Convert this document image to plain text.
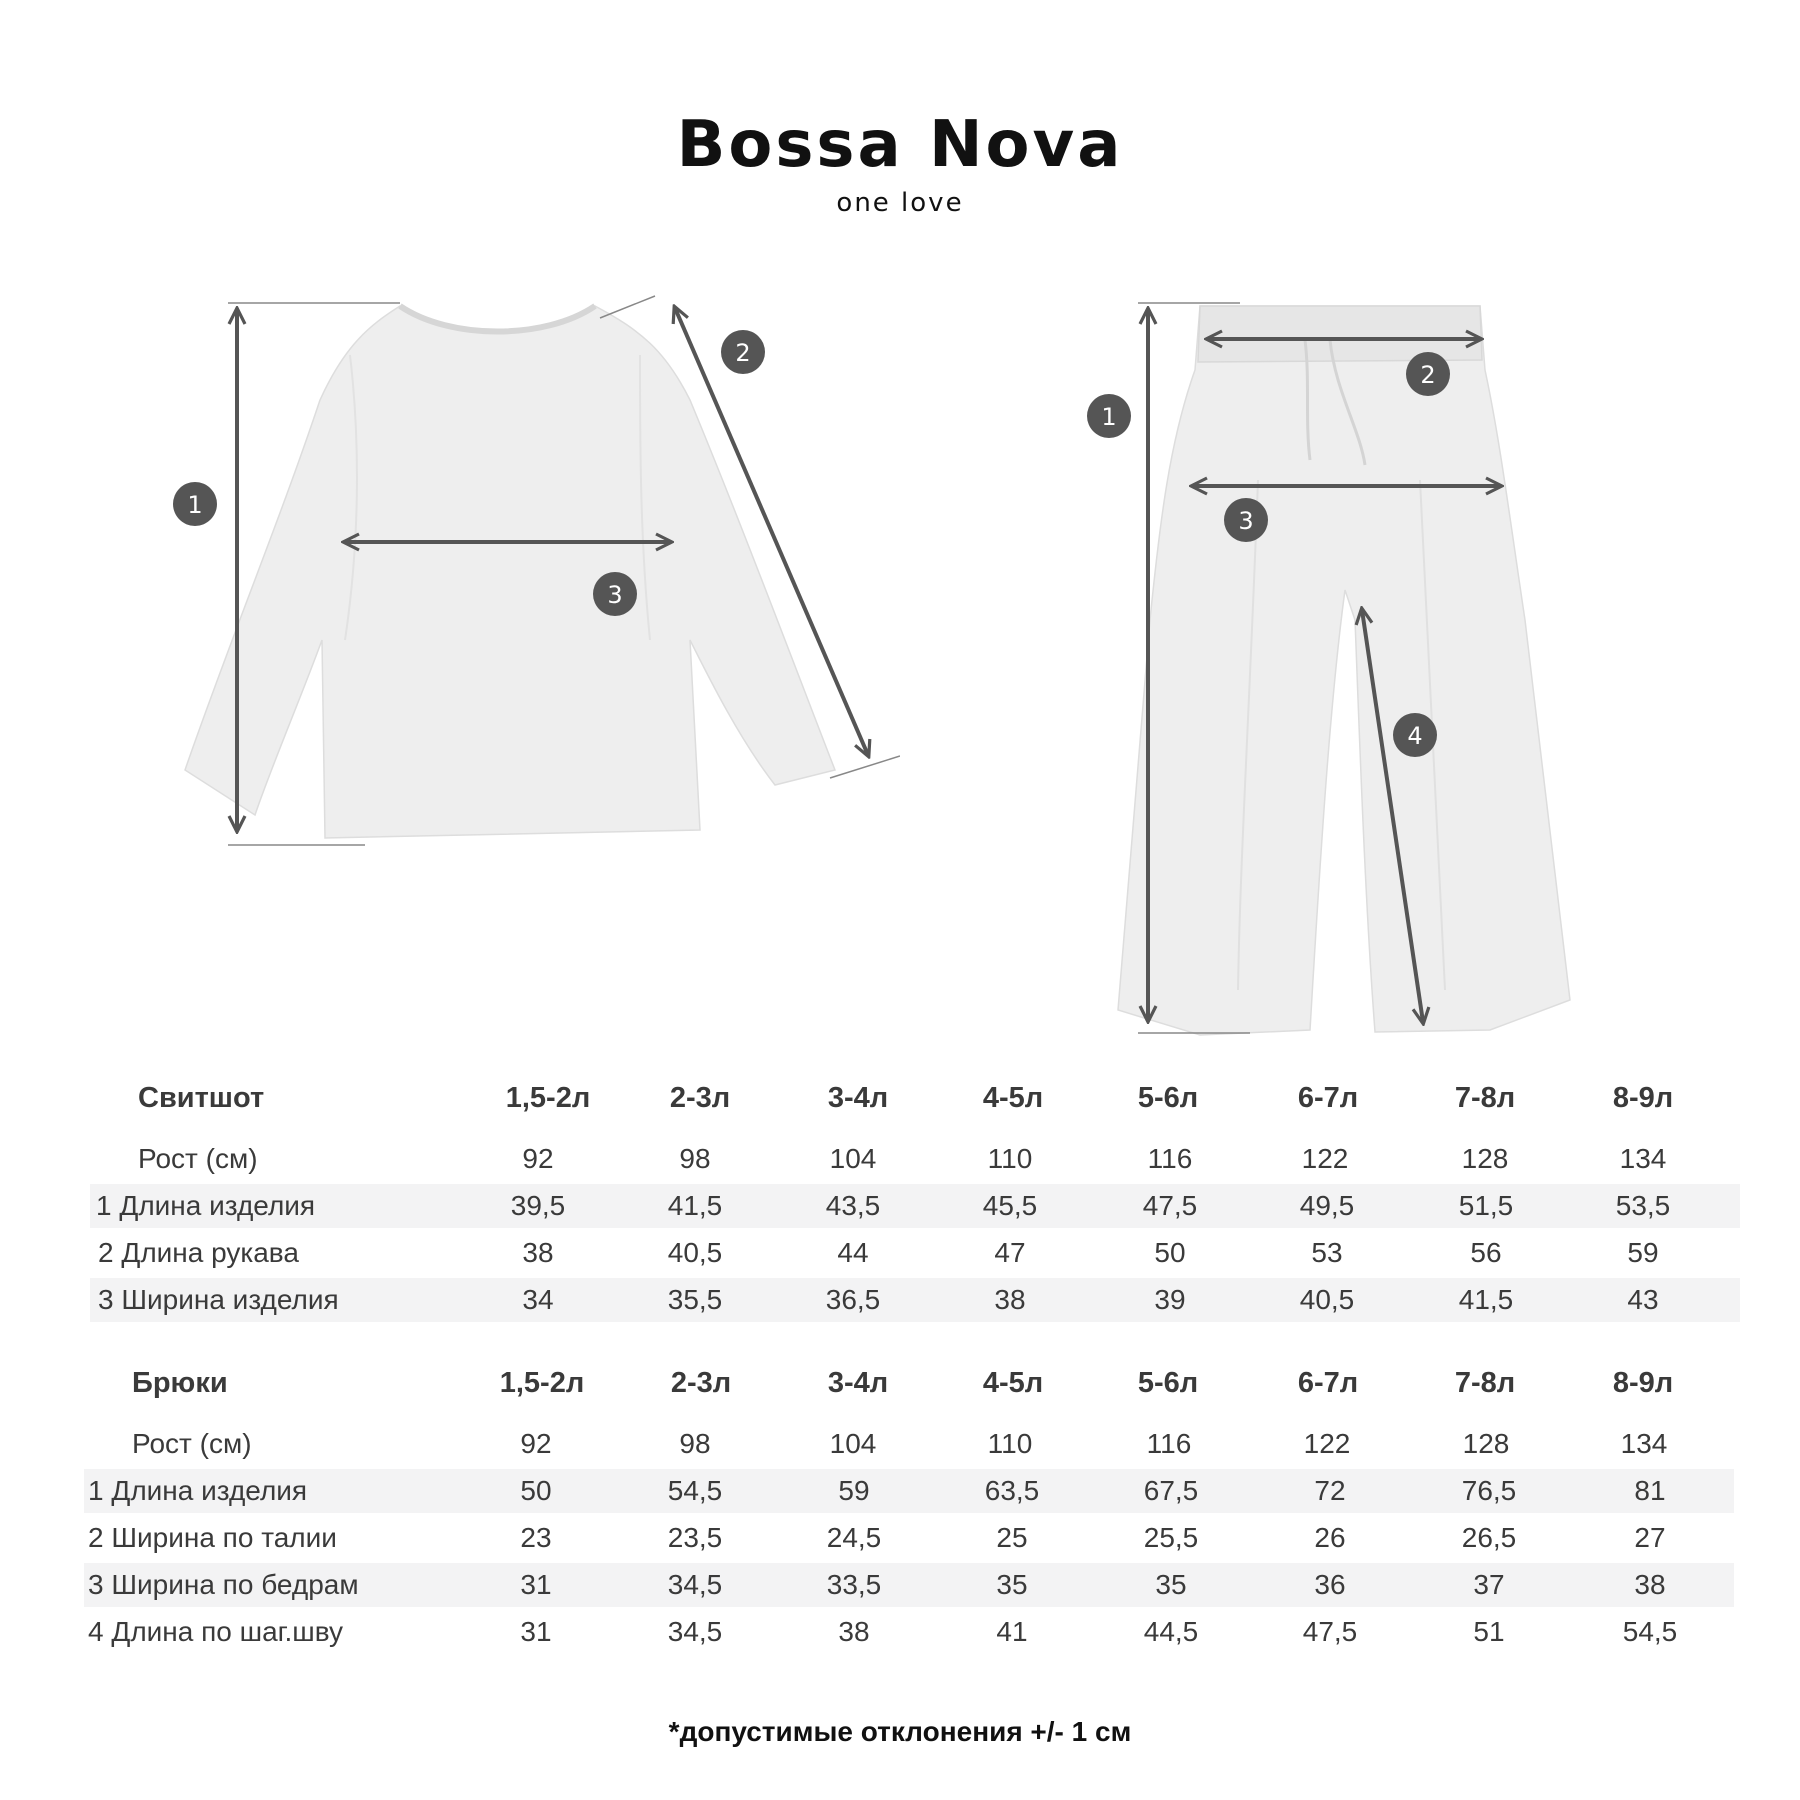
Bossa Nova
one love
1
2
3
1
2
3
4
Свитшот	1,5-2л	2-3л	3-4л	4-5л	5-6л	6-7л	7-8л	8-9л
Рост (см)	92	98	104	110	116	122	128	134
1 Длина изделия	39,5	41,5	43,5	45,5	47,5	49,5	51,5	53,5
2 Длина рукава	38	40,5	44	47	50	53	56	59
3 Ширина изделия	34	35,5	36,5	38	39	40,5	41,5	43
Брюки	1,5-2л	2-3л	3-4л	4-5л	5-6л	6-7л	7-8л	8-9л
Рост (см)	92	98	104	110	116	122	128	134
1 Длина изделия	50	54,5	59	63,5	67,5	72	76,5	81
2 Ширина по талии	23	23,5	24,5	25	25,5	26	26,5	27
3 Ширина по бедрам	31	34,5	33,5	35	35	36	37	38
4 Длина по шаг.шву	31	34,5	38	41	44,5	47,5	51	54,5
*допустимые отклонения +/- 1 см
